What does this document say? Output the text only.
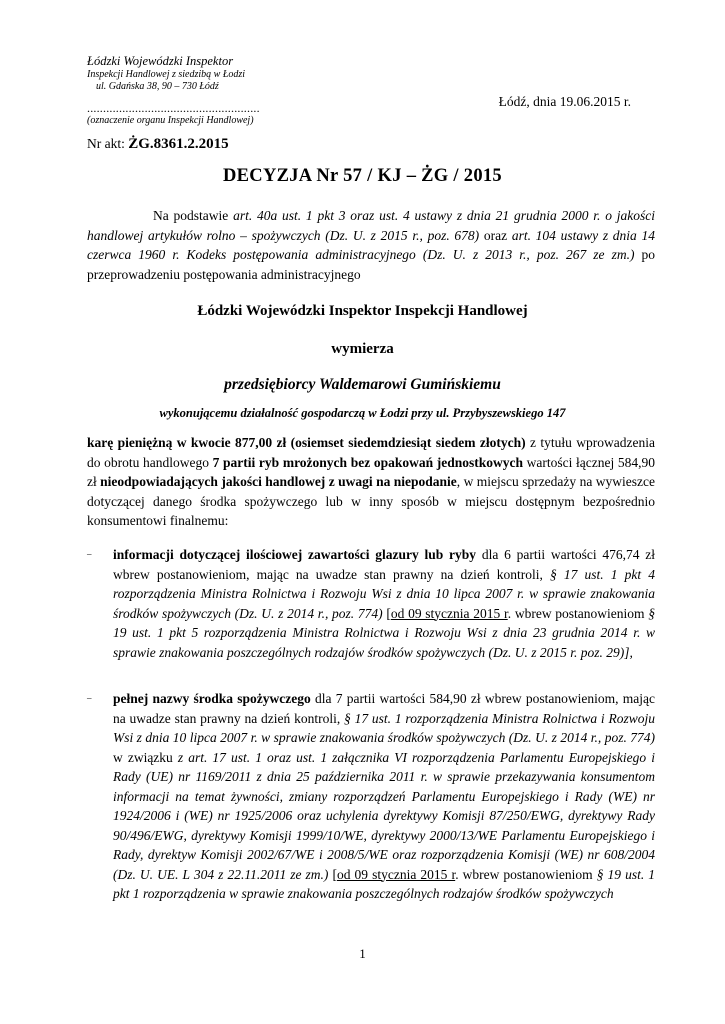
Łódzki Wojewódzki Inspektor
Inspekcji Handlowej z siedzibą w Łodzi
ul. Gdańska 38, 90 – 730 Łódź
......................................................
(oznaczenie organu Inspekcji Handlowej)
Łódź, dnia 19.06.2015 r.
Nr akt: ŻG.8361.2.2015
DECYZJA Nr 57 / KJ – ŻG / 2015
Na podstawie art. 40a ust. 1 pkt 3 oraz ust. 4 ustawy z dnia 21 grudnia 2000 r. o jakości handlowej artykułów rolno – spożywczych (Dz. U. z 2015 r., poz. 678) oraz art. 104 ustawy z dnia 14 czerwca 1960 r. Kodeks postępowania administracyjnego (Dz. U. z 2013 r., poz. 267 ze zm.) po przeprowadzeniu postępowania administracyjnego
Łódzki Wojewódzki Inspektor Inspekcji Handlowej
wymierza
przedsiębiorcy Waldemarowi Gumińskiemu
wykonującemu działalność gospodarczą w Łodzi przy ul. Przybyszewskiego 147
karę pieniężną w kwocie 877,00 zł (osiemset siedemdziesiąt siedem złotych) z tytułu wprowadzenia do obrotu handlowego 7 partii ryb mrożonych bez opakowań jednostkowych wartości łącznej 584,90 zł nieodpowiadających jakości handlowej z uwagi na niepodanie, w miejscu sprzedaży na wywieszce dotyczącej danego środka spożywczego lub w inny sposób w miejscu dostępnym bezpośrednio konsumentowi finalnemu:
– informacji dotyczącej ilościowej zawartości glazury lub ryby dla 6 partii wartości 476,74 zł wbrew postanowieniom, mając na uwadze stan prawny na dzień kontroli, § 17 ust. 1 pkt 4 rozporządzenia Ministra Rolnictwa i Rozwoju Wsi z dnia 10 lipca 2007 r. w sprawie znakowania środków spożywczych (Dz. U. z 2014 r., poz. 774) [od 09 stycznia 2015 r. wbrew postanowieniom § 19 ust. 1 pkt 5 rozporządzenia Ministra Rolnictwa i Rozwoju Wsi z dnia 23 grudnia 2014 r. w sprawie znakowania poszczególnych rodzajów środków spożywczych (Dz. U. z 2015 r. poz. 29)],
– pełnej nazwy środka spożywczego dla 7 partii wartości 584,90 zł wbrew postanowieniom, mając na uwadze stan prawny na dzień kontroli, § 17 ust. 1 rozporządzenia Ministra Rolnictwa i Rozwoju Wsi z dnia 10 lipca 2007 r. w sprawie znakowania środków spożywczych (Dz. U. z 2014 r., poz. 774) w związku z art. 17 ust. 1 oraz ust. 1 załącznika VI rozporządzenia Parlamentu Europejskiego i Rady (UE) nr 1169/2011 z dnia 25 października 2011 r. w sprawie przekazywania konsumentom informacji na temat żywności, zmiany rozporządzeń Parlamentu Europejskiego i Rady (WE) nr 1924/2006 i (WE) nr 1925/2006 oraz uchylenia dyrektywy Komisji 87/250/EWG, dyrektywy Rady 90/496/EWG, dyrektywy Komisji 1999/10/WE, dyrektywy 2000/13/WE Parlamentu Europejskiego i Rady, dyrektyw Komisji 2002/67/WE i 2008/5/WE oraz rozporządzenia Komisji (WE) nr 608/2004 (Dz. U. UE. L 304 z 22.11.2011 ze zm.) [od 09 stycznia 2015 r. wbrew postanowieniom § 19 ust. 1 pkt 1 rozporządzenia w sprawie znakowania poszczególnych rodzajów środków spożywczych
1
